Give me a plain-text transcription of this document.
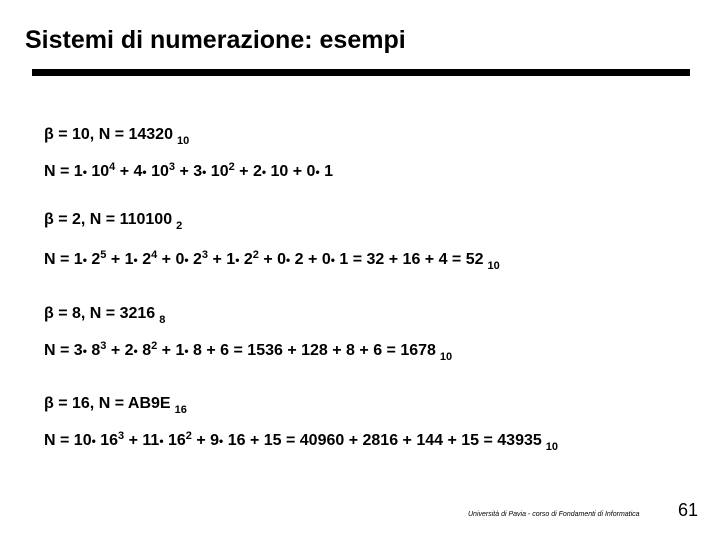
Sistemi di numerazione: esempi
β = 10, N = 14320 $_{10}$
N = 1• $10^4$ + 4• $10^3$ + 3• $10^2$ + 2• 10 + 0• 1
β = 2, N = 110100 $_2$
N = 1• $2^5$ + 1• $2^4$ + 0• $2^3$ + 1• $2^2$ + 0• 2 + 0• 1 = 32 + 16 + 4 = 52 $_{10}$
β = 8, N = 3216 $_8$
N = 3• $8^3$ + 2• $8^2$ + 1• 8 + 6 = 1536 + 128 + 8 + 6 = 1678 $_{10}$
β = 16, N = AB9E $_{16}$
N = 10• $16^3$ + 11• $16^2$ + 9• 16 + 15 = 40960 + 2816 + 144 + 15 = 43935 $_{10}$
Università di Pavia - corso di Fondamenti di Informatica 61
